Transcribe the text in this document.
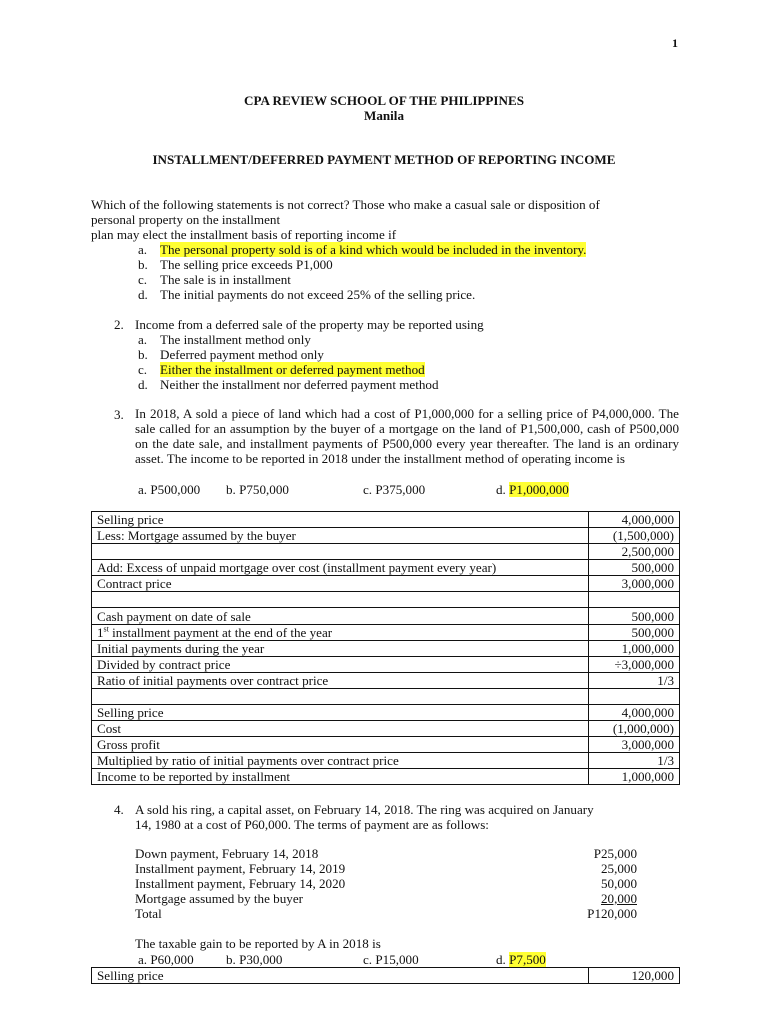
1
CPA REVIEW SCHOOL OF THE PHILIPPINES
Manila
INSTALLMENT/DEFERRED PAYMENT METHOD OF REPORTING INCOME
Which of the following statements is not correct? Those who make a casual sale or disposition of
personal property on the installment
plan may elect the installment basis of reporting income if
a. The personal property sold is of a kind which would be included in the inventory.
b. The selling price exceeds P1,000
c. The sale is in installment
d. The initial payments do not exceed 25% of the selling price.
2. Income from a deferred sale of the property may be reported using
a. The installment method only
b. Deferred payment method only
c. Either the installment or deferred payment method
d. Neither the installment nor deferred payment method
3. In 2018, A sold a piece of land which had a cost of P1,000,000 for a selling price of P4,000,000. The sale called for an assumption by the buyer of a mortgage on the land of P1,500,000, cash of P500,000 on the date sale, and installment payments of P500,000 every year thereafter. The land is an ordinary asset. The income to be reported in 2018 under the installment method of operating income is
a. P500,000 b. P750,000	c. P375,000	d. P1,000,000
Selling price	4,000,000
Less: Mortgage assumed by the buyer	(1,500,000)
	2,500,000
Add: Excess of unpaid mortgage over cost (installment payment every year)	500,000
Contract price	3,000,000

Cash payment on date of sale	500,000
1st installment payment at the end of the year	500,000
Initial payments during the year	1,000,000
Divided by contract price	÷3,000,000
Ratio of initial payments over contract price	1/3

Selling price	4,000,000
Cost	(1,000,000)
Gross profit	3,000,000
Multiplied by ratio of initial payments over contract price	1/3
Income to be reported by installment	1,000,000
4. A sold his ring, a capital asset, on February 14, 2018. The ring was acquired on January
14, 1980 at a cost of P60,000. The terms of payment are as follows:
Down payment, February 14, 2018	P25,000
Installment payment, February 14, 2019	25,000
Installment payment, February 14, 2020	50,000
Mortgage assumed by the buyer	20,000
Total	P120,000
The taxable gain to be reported by A in 2018 is
a. P60,000 b. P30,000	c. P15,000	d. P7,500
Selling price	120,000
